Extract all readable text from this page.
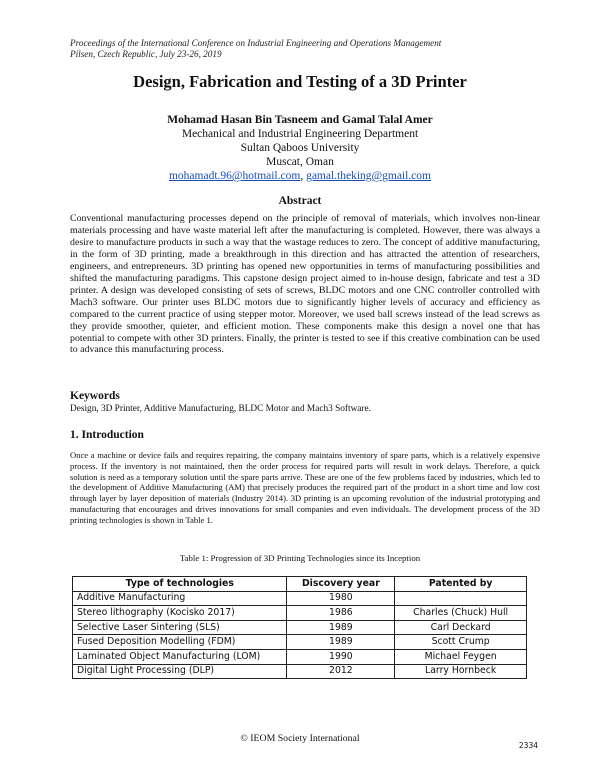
Proceedings of the International Conference on Industrial Engineering and Operations Management
Pilsen, Czech Republic, July 23-26, 2019
Design, Fabrication and Testing of a 3D Printer
Mohamad Hasan Bin Tasneem and Gamal Talal Amer
Mechanical and Industrial Engineering Department
Sultan Qaboos University
Muscat, Oman
mohamadt.96@hotmail.com, gamal.theking@gmail.com
Abstract
Conventional manufacturing processes depend on the principle of removal of materials, which involves non-linear materials processing and have waste material left after the manufacturing is completed. However, there was always a desire to manufacture products in such a way that the wastage reduces to zero. The concept of additive manufacturing, in the form of 3D printing, made a breakthrough in this direction and has attracted the attention of researchers, engineers, and entrepreneurs. 3D printing has opened new opportunities in terms of manufacturing possibilities and shifted the manufacturing paradigms. This capstone design project aimed to in-house design, fabricate and test a 3D printer. A design was developed consisting of sets of screws, BLDC motors and one CNC controller controlled with Mach3 software. Our printer uses BLDC motors due to significantly higher levels of accuracy and efficiency as compared to the current practice of using stepper motor. Moreover, we used ball screws instead of the lead screws as they provide smoother, quieter, and efficient motion. These components make this design a novel one that has potential to compete with other 3D printers. Finally, the printer is tested to see if this creative combination can be used to advance this manufacturing process.
Keywords
Design, 3D Printer, Additive Manufacturing, BLDC Motor and Mach3 Software.
1. Introduction
Once a machine or device fails and requires repairing, the company maintains inventory of spare parts, which is a relatively expensive process. If the inventory is not maintained, then the order process for required parts will result in work delays. Therefore, a quick solution is need as a temporary solution until the spare parts arrive. These are one of the few problems faced by industries, which led to the development of Additive Manufacturing (AM) that precisely produces the required part of the product in a short time and low cost through layer by layer deposition of materials (Industry 2014). 3D printing is an upcoming revolution of the industrial prototyping and manufacturing that encourages and drives innovations for small companies and even individuals. The development process of the 3D printing technologies is shown in Table 1.
Table 1: Progression of 3D Printing Technologies since its Inception
Type of technologies	Discovery year	Patented by
Additive Manufacturing	1980	
Stereo lithography (Kocisko 2017)	1986	Charles (Chuck) Hull
Selective Laser Sintering (SLS)	1989	Carl Deckard
Fused Deposition Modelling (FDM)	1989	Scott Crump
Laminated Object Manufacturing (LOM)	1990	Michael Feygen
Digital Light Processing (DLP)	2012	Larry Hornbeck
© IEOM Society International
2334
